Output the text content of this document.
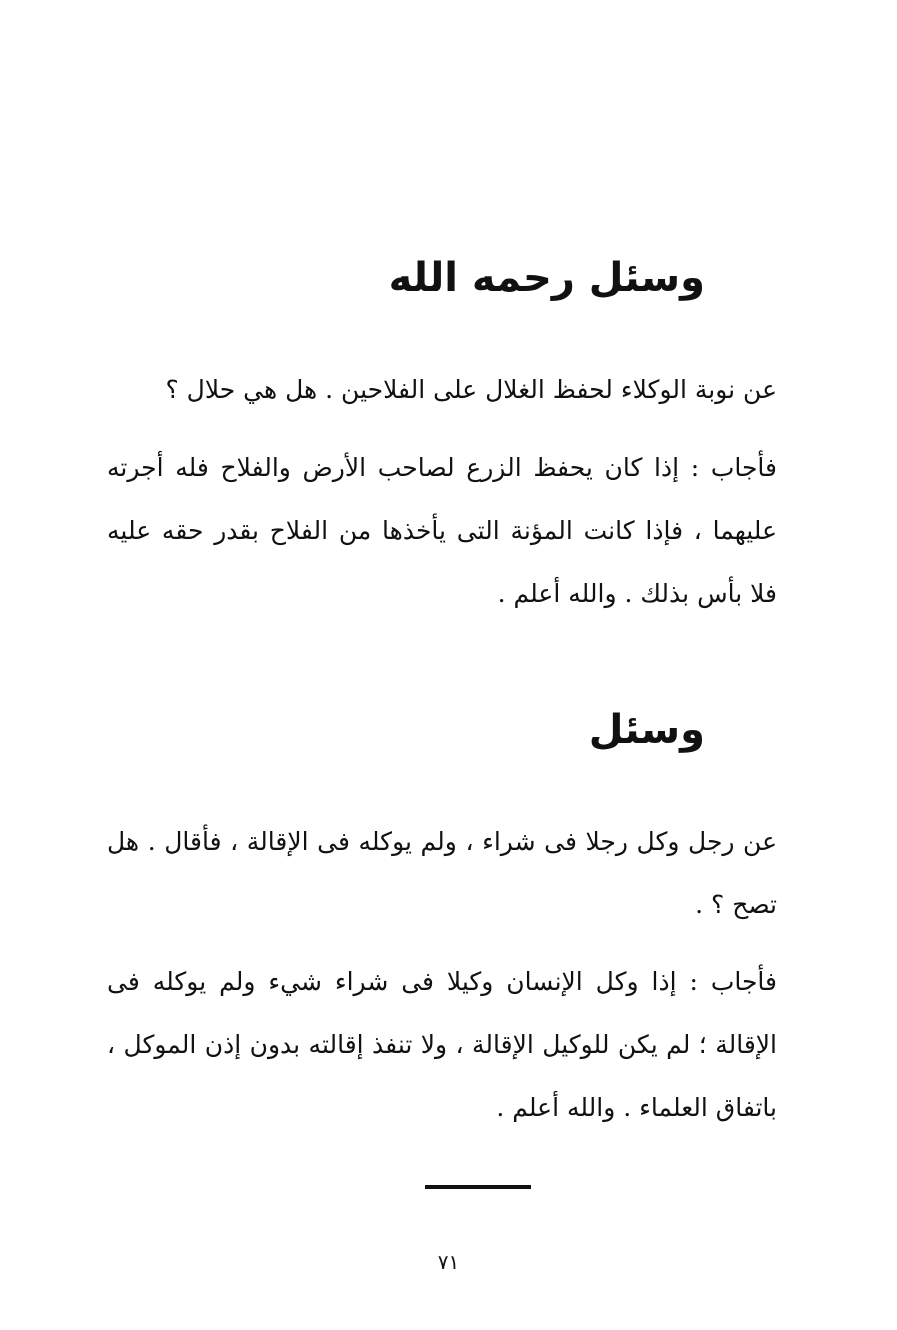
وسئل رحمه الله

عن نوبة الوكلاء لحفظ الغلال على الفلاحين . هل هي حلال ؟

فأجاب : إذا كان يحفظ الزرع لصاحب الأرض والفلاح فله أجرته عليهما ، فإذا كانت المؤنة التى يأخذها من الفلاح بقدر حقه عليه فلا بأس بذلك . والله أعلم .

وسئل

عن رجل وكل رجلا فى شراء ، ولم يوكله فى الإقالة ، فأقال . هل تصح ؟ .

فأجاب : إذا وكل الإنسان وكيلا فى شراء شيء ولم يوكله فى الإقالة ؛ لم يكن للوكيل الإقالة ، ولا تنفذ إقالته بدون إذن الموكل ، باتفاق العلماء . والله أعلم .

٧١
